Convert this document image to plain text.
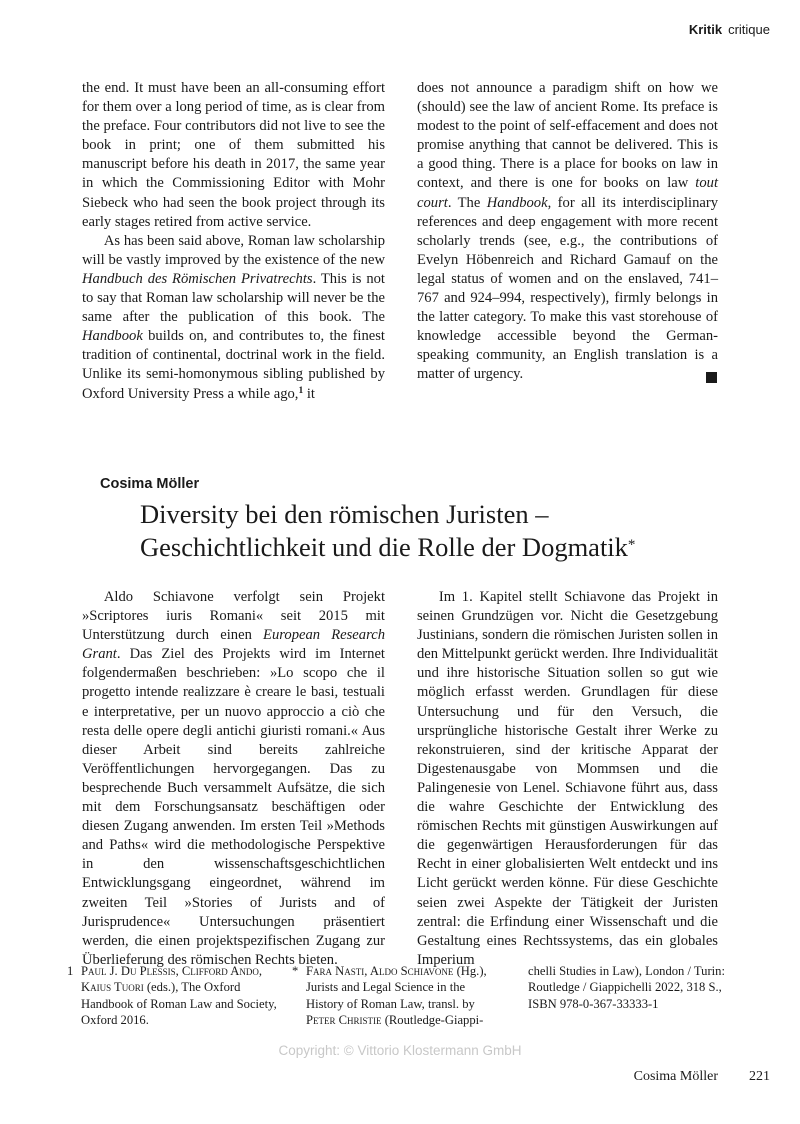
Kritik critique

the end. It must have been an all-consuming effort for them over a long period of time, as is clear from the preface. Four contributors did not live to see the book in print; one of them submitted his manuscript before his death in 2017, the same year in which the Commissioning Editor with Mohr Siebeck who had seen the book project through its early stages retired from active service.

As has been said above, Roman law scholarship will be vastly improved by the existence of the new Handbuch des Römischen Privatrechts. This is not to say that Roman law scholarship will never be the same after the publication of this book. The Handbook builds on, and contributes to, the finest tradition of continental, doctrinal work in the field. Unlike its semi-homonymous sibling published by Oxford University Press a while ago,$^1$ it

does not announce a paradigm shift on how we (should) see the law of ancient Rome. Its preface is modest to the point of self-effacement and does not promise anything that cannot be delivered. This is a good thing. There is a place for books on law in context, and there is one for books on law tout court. The Handbook, for all its interdisciplinary references and deep engagement with more recent scholarly trends (see, e.g., the contributions of Evelyn Höbenreich and Richard Gamauf on the legal status of women and on the enslaved, 741–767 and 924–994, respectively), firmly belongs in the latter category. To make this vast storehouse of knowledge accessible beyond the German-speaking community, an English translation is a matter of urgency.

Cosima Möller
Diversity bei den römischen Juristen –
Geschichtlichkeit und die Rolle der Dogmatik*

Aldo Schiavone verfolgt sein Projekt »Scriptores iuris Romani« seit 2015 mit Unterstützung durch einen European Research Grant. Das Ziel des Projekts wird im Internet folgendermaßen beschrieben: »Lo scopo che il progetto intende realizzare è creare le basi, testuali e interpretative, per un nuovo approccio a ciò che resta delle opere degli antichi giuristi romani.« Aus dieser Arbeit sind bereits zahlreiche Veröffentlichungen hervorgegangen. Das zu besprechende Buch versammelt Aufsätze, die sich mit dem Forschungsansatz beschäftigen oder diesen Zugang anwenden. Im ersten Teil »Methods and Paths« wird die methodologische Perspektive in den wissenschaftsgeschichtlichen Entwicklungsgang eingeordnet, während im zweiten Teil »Stories of Jurists and of Jurisprudence« Untersuchungen präsentiert werden, die einen projektspezifischen Zugang zur Überlieferung des römischen Rechts bieten.

Im 1. Kapitel stellt Schiavone das Projekt in seinen Grundzügen vor. Nicht die Gesetzgebung Justinians, sondern die römischen Juristen sollen in den Mittelpunkt gerückt werden. Ihre Individualität und ihre historische Situation sollen so gut wie möglich erfasst werden. Grundlagen für diese Untersuchung und für den Versuch, die ursprüngliche historische Gestalt ihrer Werke zu rekonstruieren, sind der kritische Apparat der Digestenausgabe von Mommsen und die Palingenesie von Lenel. Schiavone führt aus, dass die wahre Geschichte der Entwicklung des römischen Rechts mit günstigen Auswirkungen auf die gegenwärtigen Herausforderungen für das Recht in einer globalisierten Welt entdeckt und ins Licht gerückt werden könne. Für diese Geschichte seien zwei Aspekte der Tätigkeit der Juristen zentral: die Erfindung einer Wissenschaft und die Gestaltung eines Rechtssystems, das ein globales Imperium

1 Paul J. Du Plessis, Clifford Ando, Kaius Tuori (eds.), The Oxford Handbook of Roman Law and Society, Oxford 2016.
* Fara Nasti, Aldo Schiavone (Hg.), Jurists and Legal Science in the History of Roman Law, transl. by Peter Christie (Routledge-Giappi-
chelli Studies in Law), London / Turin: Routledge / Giappichelli 2022, 318 S., ISBN 978-0-367-33333-1
Copyright: © Vittorio Klostermann GmbH
Cosima Möller 221
